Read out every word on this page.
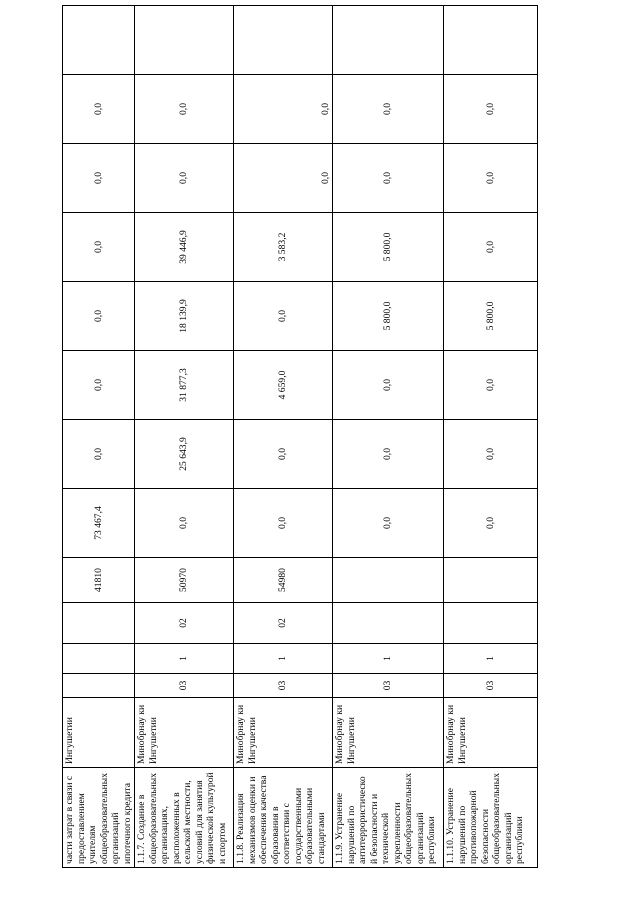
части затрат в связи с предоставлением учителям общеобразовательных организаций ипотечного кредита	Ингушетии				41810	73 467,4	0,0	0,0	0,0	0,0	0,0	0,0	
1.1.7. Создание в общеобразовательных организациях, расположенных в сельской местности, условий для занятия физической культурой и спортом	Минобрнау ки Ингушетии	03	1	02	50970	0,0	25 643,9	31 877,3	18 139,9	39 446,9	0,0	0,0	
1.1.8. Реализация механизмов оценки и обеспечения качества образования в соответствии с государственными образовательными стандартами	Минобрнау ки Ингушетии	03	1	02	54980	0,0	0,0	4 659,0	0,0	3 583,2	0,0	0,0	
1.1.9. Устранение нарушений по антитеррористическо й безопасности и технической укрепленности общеобразовательных организаций республики	Минобрнау ки Ингушетии	03	1			0,0	0,0	0,0	5 800,0	5 800,0	0,0	0,0	
1.1.10. Устранение нарушений по противопожарной безопасности общеобразовательных организаций республики	Минобрнау ки Ингушетии	03	1			0,0	0,0	0,0	5 800,0	0,0	0,0	0,0	
